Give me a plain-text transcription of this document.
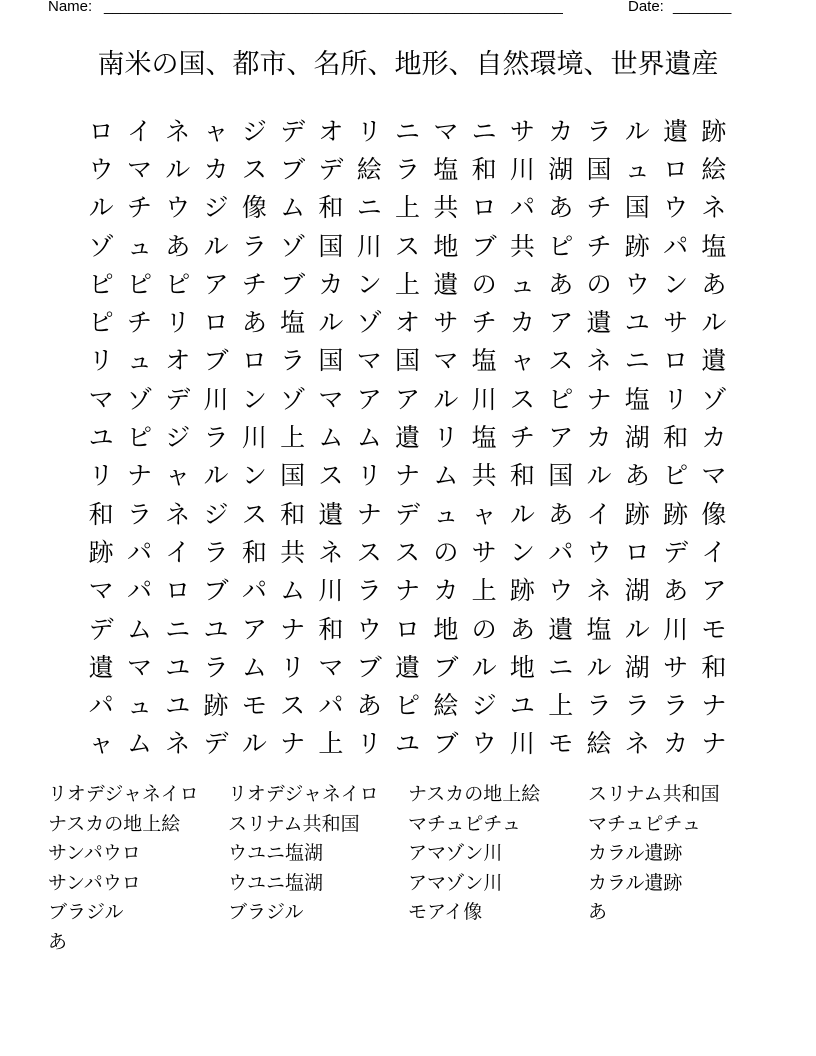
Name: _______________________________________________________	Date: _______
南米の国、都市、名所、地形、自然環境、世界遺産
ロ イ ネ ャ ジ デ オ リ ニ マ ニ サ カ ラ ル 遺 跡
ウ マ ル カ ス ブ デ 絵 ラ 塩 和 川 湖 国 ュ ロ 絵
ル チ ウ ジ 像 ム 和 ニ 上 共 ロ パ あ チ 国 ウ ネ
ゾ ュ あ ル ラ ゾ 国 川 ス 地 ブ 共 ピ チ 跡 パ 塩
ピ ピ ピ ア チ ブ カ ン 上 遺 の ュ あ の ウ ン あ
ピ チ リ ロ あ 塩 ル ゾ オ サ チ カ ア 遺 ユ サ ル
リ ュ オ ブ ロ ラ 国 マ 国 マ 塩 ャ ス ネ ニ ロ 遺
マ ゾ デ 川 ン ゾ マ ア ア ル 川 ス ピ ナ 塩 リ ゾ
ユ ピ ジ ラ 川 上 ム ム 遺 リ 塩 チ ア カ 湖 和 カ
リ ナ ャ ル ン 国 ス リ ナ ム 共 和 国 ル あ ピ マ
和 ラ ネ ジ ス 和 遺 ナ デ ュ ャ ル あ イ 跡 跡 像
跡 パ イ ラ 和 共 ネ ス ス の サ ン パ ウ ロ デ イ
マ パ ロ ブ パ ム 川 ラ ナ カ 上 跡 ウ ネ 湖 あ ア
デ ム ニ ユ ア ナ 和 ウ ロ 地 の あ 遺 塩 ル 川 モ
遺 マ ユ ラ ム リ マ ブ 遺 ブ ル 地 ニ ル 湖 サ 和
パ ュ ユ 跡 モ ス パ あ ピ 絵 ジ ユ 上 ラ ラ ラ ナ
ャ ム ネ デ ル ナ 上 リ ユ ブ ウ 川 モ 絵 ネ カ ナ
リオデジャネイロ	リオデジャネイロ	ナスカの地上絵	スリナム共和国
ナスカの地上絵	スリナム共和国	マチュピチュ	マチュピチュ
サンパウロ	ウユニ塩湖	アマゾン川	カラル遺跡
サンパウロ	ウユニ塩湖	アマゾン川	カラル遺跡
ブラジル	ブラジル	モアイ像	あ
あ
